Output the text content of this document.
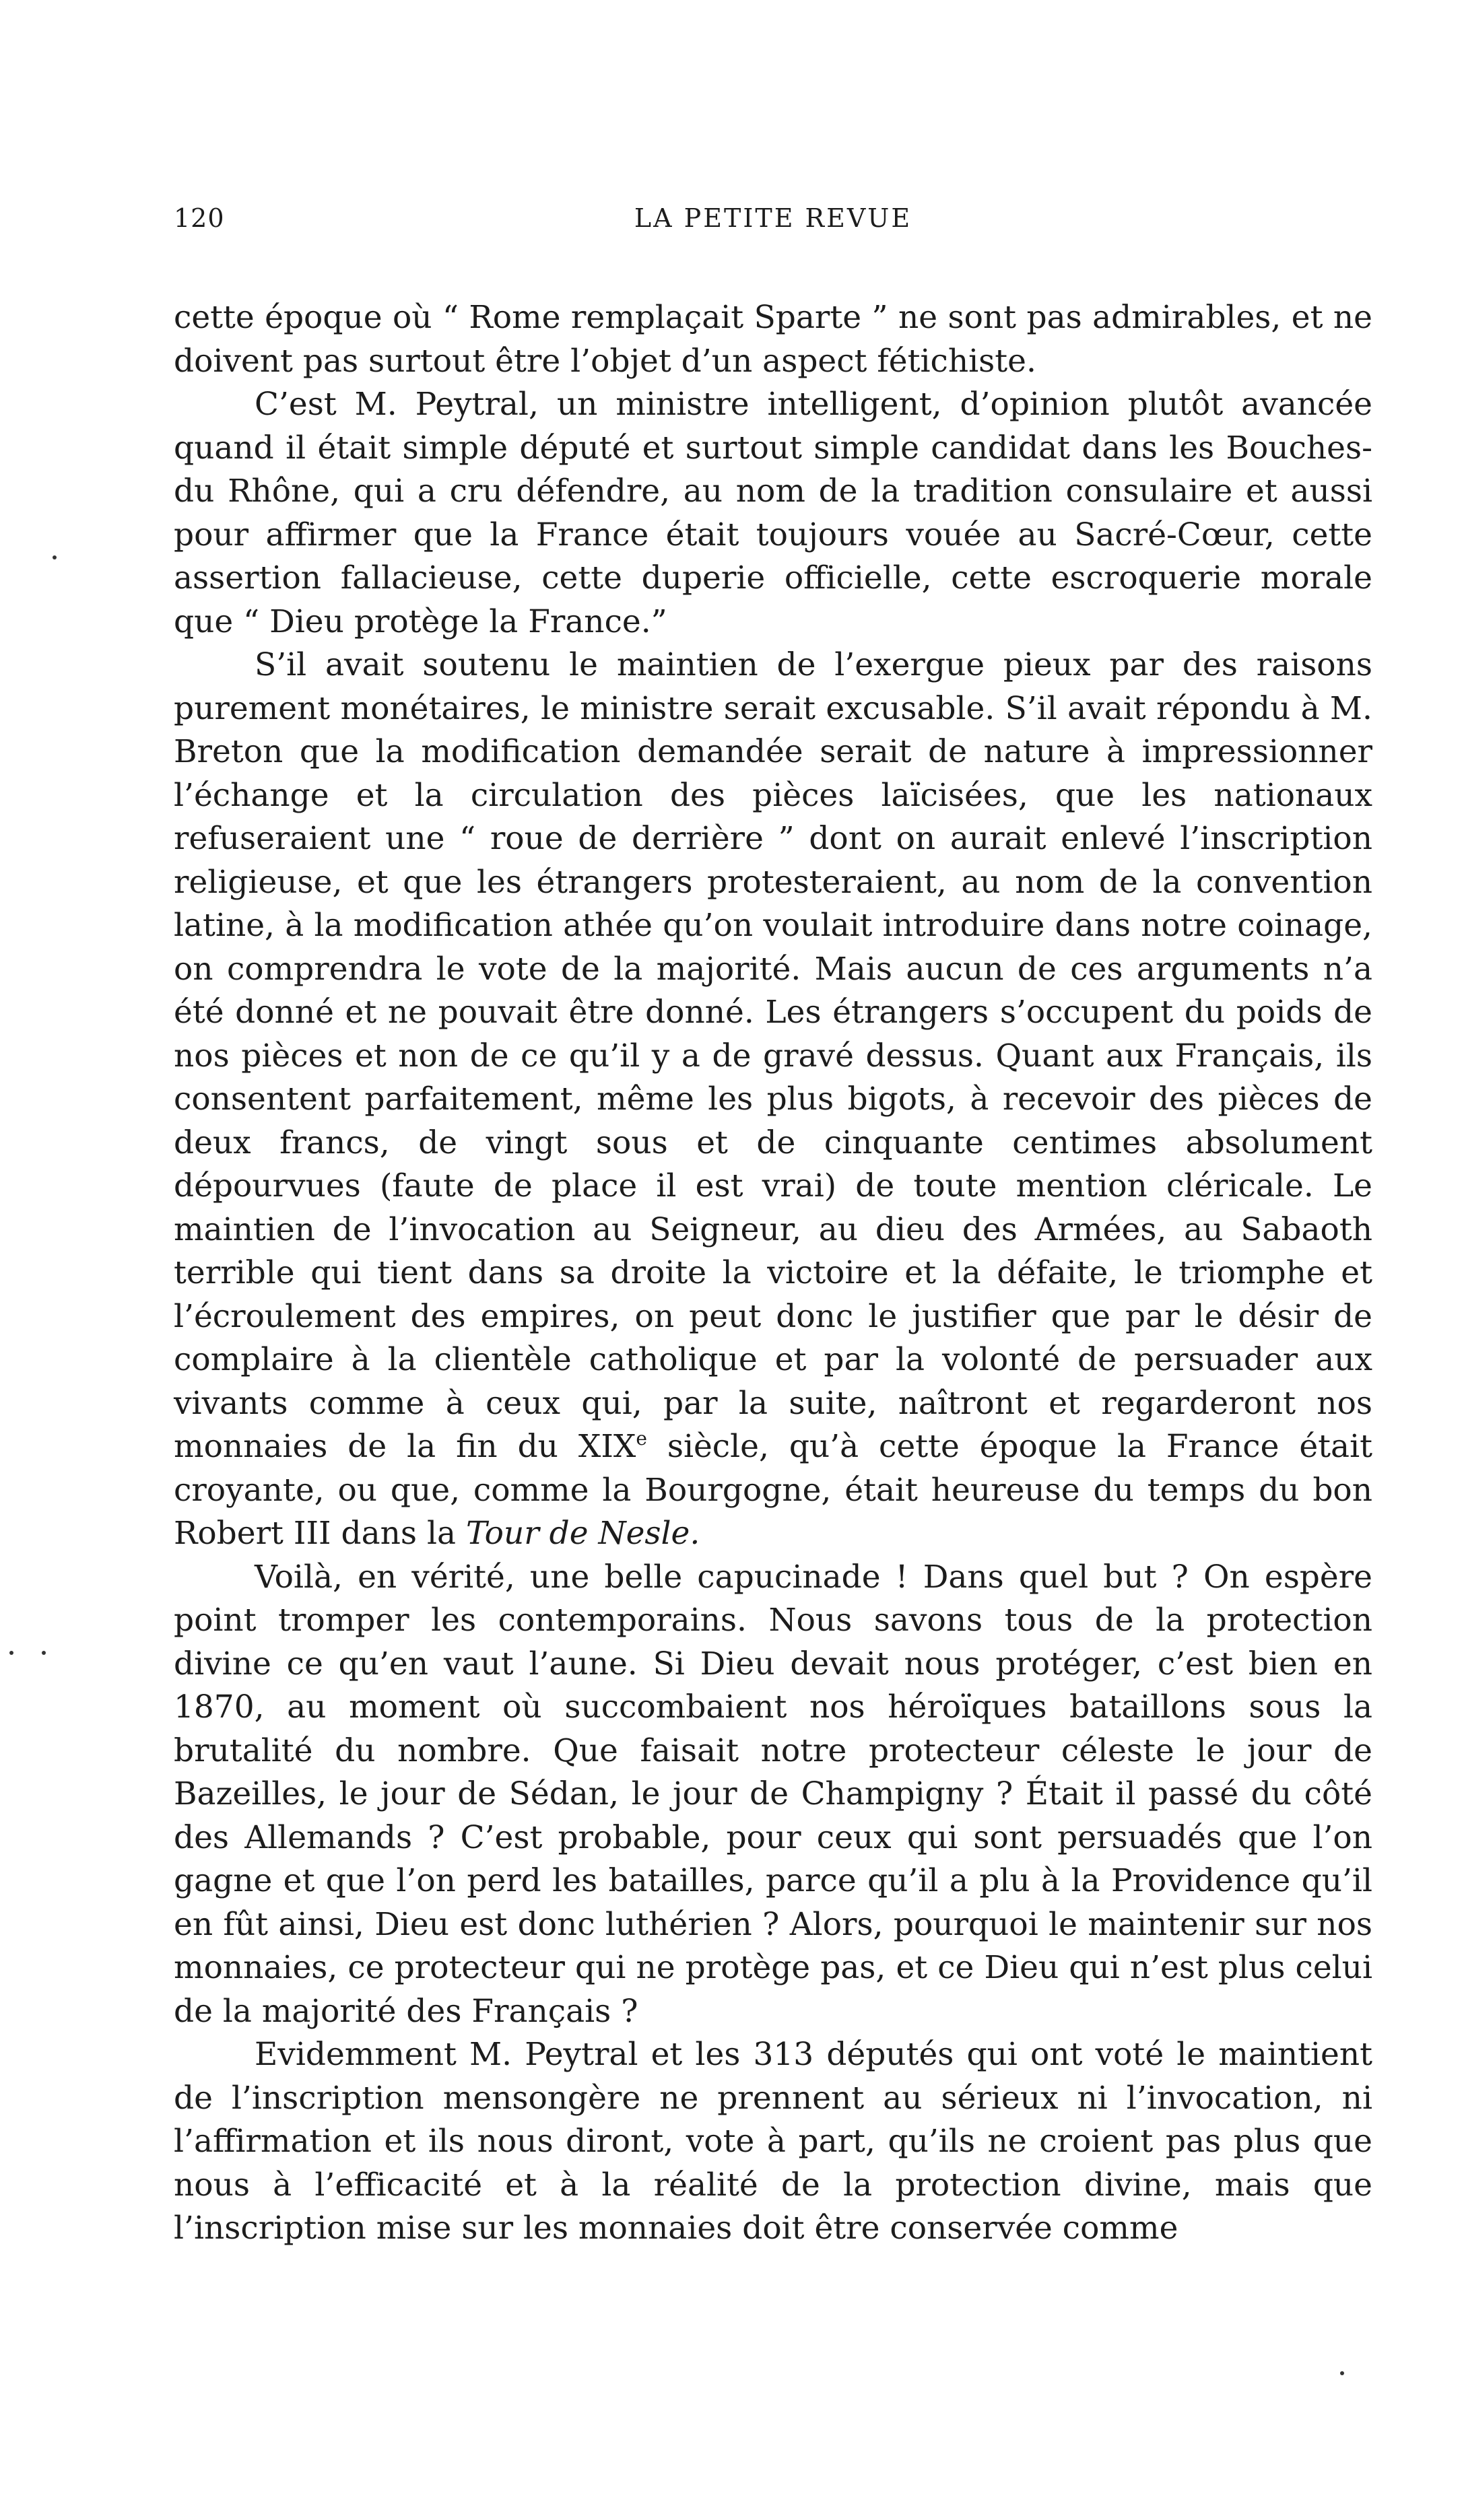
120	LA PETITE REVUE

cette époque où “ Rome remplaçait Sparte ” ne sont pas admirables, et ne doivent pas surtout être l’objet d’un aspect fétichiste.

C’est M. Peytral, un ministre intelligent, d’opinion plutôt avancée quand il était simple député et surtout simple candidat dans les Bouches-du Rhône, qui a cru défendre, au nom de la tradition consulaire et aussi pour affirmer que la France était toujours vouée au Sacré-Cœur, cette assertion fallacieuse, cette duperie officielle, cette escroquerie morale que “ Dieu protège la France.”

S’il avait soutenu le maintien de l’exergue pieux par des raisons purement monétaires, le ministre serait excusable. S’il avait répondu à M. Breton que la modification demandée serait de nature à impressionner l’échange et la circulation des pièces laïcisées, que les nationaux refuseraient une “ roue de derrière ” dont on aurait enlevé l’inscription religieuse, et que les étrangers protesteraient, au nom de la convention latine, à la modification athée qu’on voulait introduire dans notre coinage, on comprendra le vote de la majorité. Mais aucun de ces arguments n’a été donné et ne pouvait être donné. Les étrangers s’occupent du poids de nos pièces et non de ce qu’il y a de gravé dessus. Quant aux Français, ils consentent parfaitement, même les plus bigots, à recevoir des pièces de deux francs, de vingt sous et de cinquante centimes absolument dépourvues (faute de place il est vrai) de toute mention cléricale. Le maintien de l’invocation au Seigneur, au dieu des Armées, au Sabaoth terrible qui tient dans sa droite la victoire et la défaite, le triomphe et l’écroulement des empires, on peut donc le justifier que par le désir de complaire à la clientèle catholique et par la volonté de persuader aux vivants comme à ceux qui, par la suite, naîtront et regarderont nos monnaies de la fin du XIXe siècle, qu’à cette époque la France était croyante, ou que, comme la Bourgogne, était heureuse du temps du bon Robert III dans la Tour de Nesle.

Voilà, en vérité, une belle capucinade ! Dans quel but ? On espère point tromper les contemporains. Nous savons tous de la protection divine ce qu’en vaut l’aune. Si Dieu devait nous protéger, c’est bien en 1870, au moment où succombaient nos héroïques bataillons sous la brutalité du nombre. Que faisait notre protecteur céleste le jour de Bazeilles, le jour de Sédan, le jour de Champigny ? Était il passé du côté des Allemands ? C’est probable, pour ceux qui sont persuadés que l’on gagne et que l’on perd les batailles, parce qu’il a plu à la Providence qu’il en fût ainsi, Dieu est donc luthérien ? Alors, pourquoi le maintenir sur nos monnaies, ce protecteur qui ne protège pas, et ce Dieu qui n’est plus celui de la majorité des Français ?

Evidemment M. Peytral et les 313 députés qui ont voté le maintient de l’inscription mensongère ne prennent au sérieux ni l’invocation, ni l’affirmation et ils nous diront, vote à part, qu’ils ne croient pas plus que nous à l’efficacité et à la réalité de la protection divine, mais que l’inscription mise sur les monnaies doit être conservée comme
